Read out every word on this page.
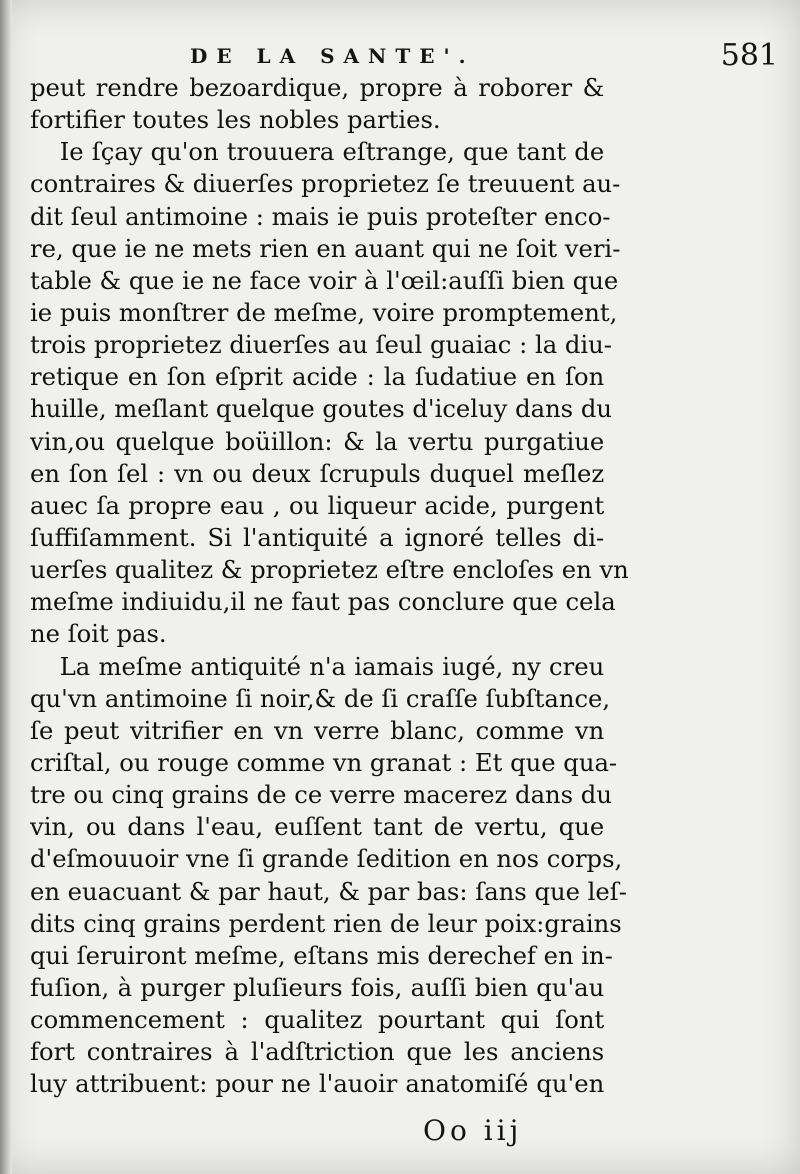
DE LA SANTE'.	581
peut rendre bezoardique, propre à roborer &
fortifier toutes les nobles parties.
Ie ſçay qu'on trouuera eſtrange, que tant de
contraires & diuerſes proprietez ſe treuuent au-
dit ſeul antimoine : mais ie puis proteſter enco-
re, que ie ne mets rien en auant qui ne ſoit veri-
table & que ie ne face voir à l'œil:auſſi bien que
ie puis monſtrer de meſme, voire promptement,
trois proprietez diuerſes au ſeul guaiac : la diu-
retique en ſon eſprit acide : la ſudatiue en ſon
huille, meſlant quelque goutes d'iceluy dans du
vin,ou quelque boüillon: & la vertu purgatiue
en ſon ſel : vn ou deux ſcrupuls duquel meſlez
auec ſa propre eau , ou liqueur acide, purgent
ſuffiſamment. Si l'antiquité a ignoré telles di-
uerſes qualitez & proprietez eſtre encloſes en vn
meſme indiuidu,il ne faut pas conclure que cela
ne ſoit pas.
La meſme antiquité n'a iamais iugé, ny creu
qu'vn antimoine ſi noir,& de ſi craſſe ſubſtance,
ſe peut vitrifier en vn verre blanc, comme vn
criſtal, ou rouge comme vn granat : Et que qua-
tre ou cinq grains de ce verre macerez dans du
vin, ou dans l'eau, euſſent tant de vertu, que
d'eſmouuoir vne ſi grande ſedition en nos corps,
en euacuant & par haut, & par bas: ſans que leſ-
dits cinq grains perdent rien de leur poix:grains
qui ſeruiront meſme, eſtans mis derechef en in-
fuſion, à purger pluſieurs fois, auſſi bien qu'au
commencement : qualitez pourtant qui ſont
fort contraires à l'adſtriction que les anciens
luy attribuent: pour ne l'auoir anatomiſé qu'en
Oo iij
